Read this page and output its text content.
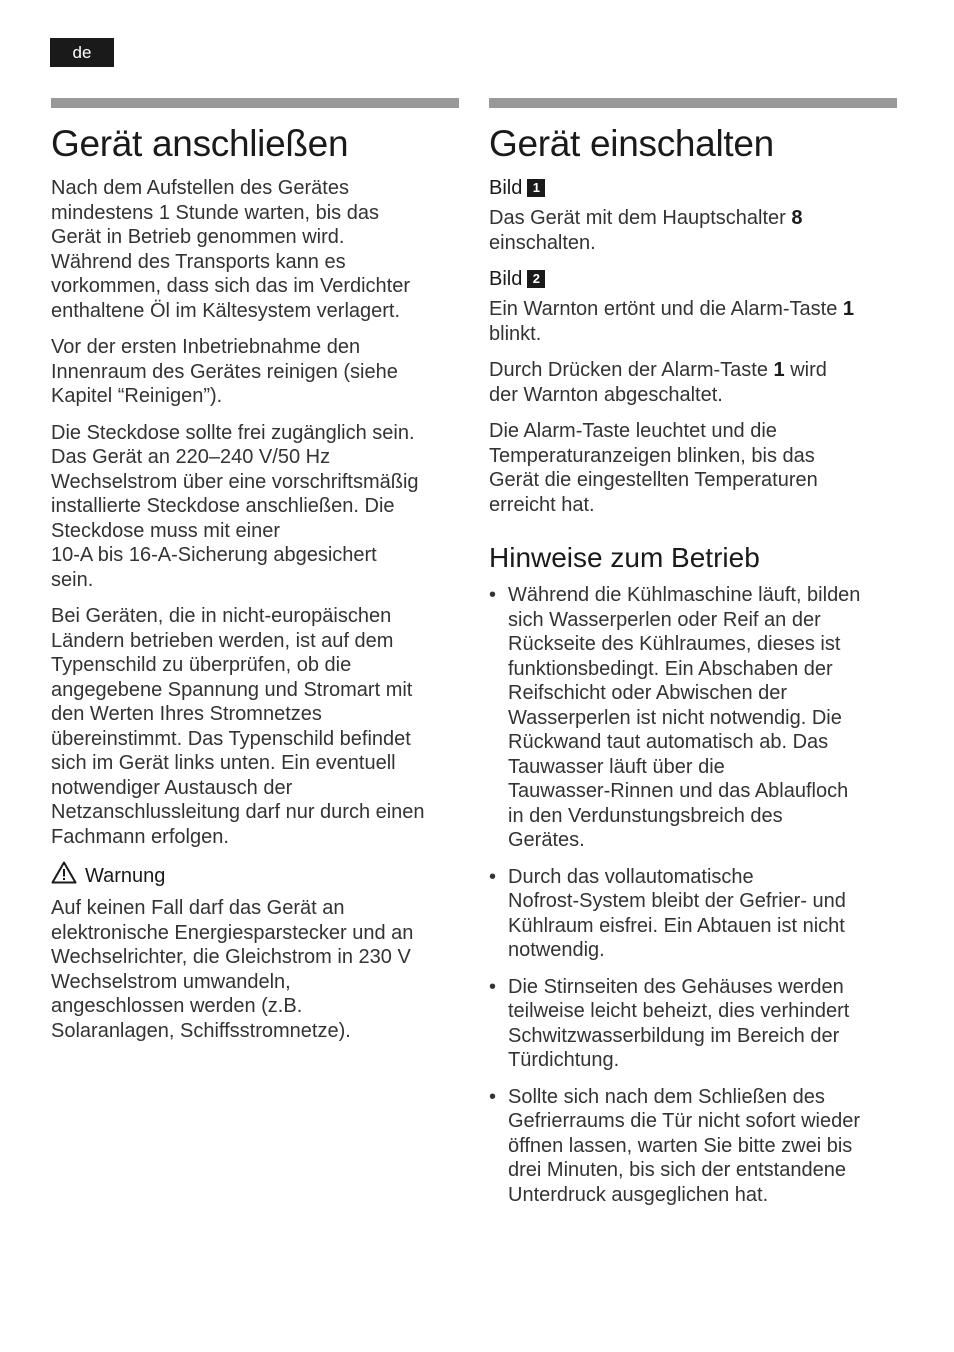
de
Gerät anschließen

Nach dem Aufstellen des Gerätes
mindestens 1 Stunde warten, bis das
Gerät in Betrieb genommen wird.
Während des Transports kann es
vorkommen, dass sich das im Verdichter
enthaltene Öl im Kältesystem verlagert.

Vor der ersten Inbetriebnahme den
Innenraum des Gerätes reinigen (siehe
Kapitel “Reinigen”).

Die Steckdose sollte frei zugänglich sein.
Das Gerät an 220–240 V/50 Hz
Wechselstrom über eine vorschriftsmäßig
installierte Steckdose anschließen. Die
Steckdose muss mit einer
10-A bis 16-A-Sicherung abgesichert
sein.

Bei Geräten, die in nicht-europäischen
Ländern betrieben werden, ist auf dem
Typenschild zu überprüfen, ob die
angegebene Spannung und Stromart mit
den Werten Ihres Stromnetzes
übereinstimmt. Das Typenschild befindet
sich im Gerät links unten. Ein eventuell
notwendiger Austausch der
Netzanschlussleitung darf nur durch einen
Fachmann erfolgen.

Warnung

Auf keinen Fall darf das Gerät an
elektronische Energiesparstecker und an
Wechselrichter, die Gleichstrom in 230 V
Wechselstrom umwandeln,
angeschlossen werden (z.B.
Solaranlagen, Schiffsstromnetze).

Gerät einschalten
Bild 1

Das Gerät mit dem Hauptschalter 8
einschalten.

Bild 2

Ein Warnton ertönt und die Alarm-Taste 1
blinkt.

Durch Drücken der Alarm-Taste 1 wird
der Warnton abgeschaltet.

Die Alarm-Taste leuchtet und die
Temperaturanzeigen blinken, bis das
Gerät die eingestellten Temperaturen
erreicht hat.

Hinweise zum Betrieb
• Während die Kühlmaschine läuft, bilden
sich Wasserperlen oder Reif an der
Rückseite des Kühlraumes, dieses ist
funktionsbedingt. Ein Abschaben der
Reifschicht oder Abwischen der
Wasserperlen ist nicht notwendig. Die
Rückwand taut automatisch ab. Das
Tauwasser läuft über die
Tauwasser-Rinnen und das Ablaufloch
in den Verdunstungsbreich des
Gerätes.
• Durch das vollautomatische
Nofrost-System bleibt der Gefrier- und
Kühlraum eisfrei. Ein Abtauen ist nicht
notwendig.
• Die Stirnseiten des Gehäuses werden
teilweise leicht beheizt, dies verhindert
Schwitzwasserbildung im Bereich der
Türdichtung.
• Sollte sich nach dem Schließen des
Gefrierraums die Tür nicht sofort wieder
öffnen lassen, warten Sie bitte zwei bis
drei Minuten, bis sich der entstandene
Unterdruck ausgeglichen hat.
